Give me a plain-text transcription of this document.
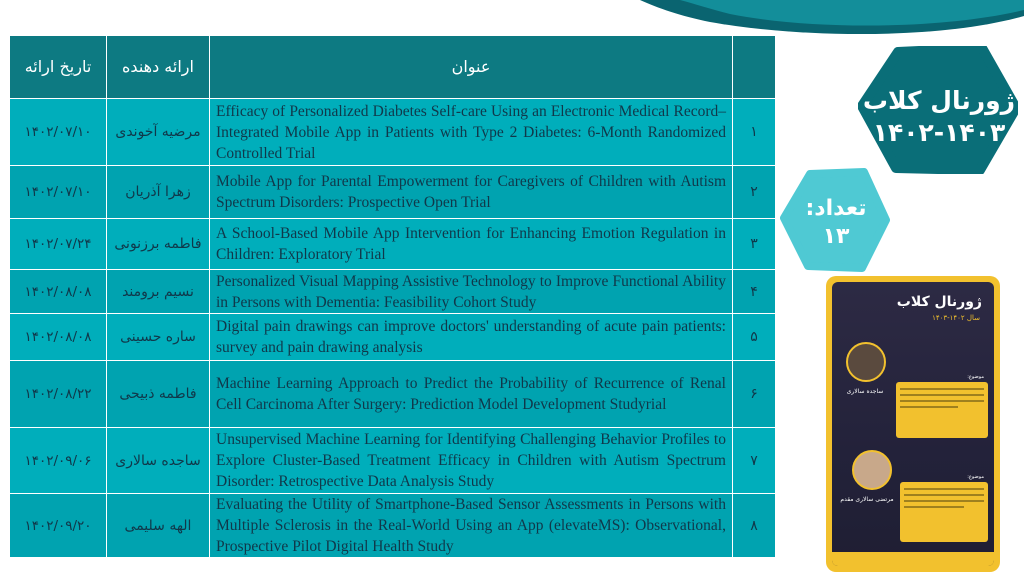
تاریخ ارائه	ارائه دهنده	عنوان	
۱۴۰۲/۰۷/۱۰	مرضیه آخوندی	Efficacy of Personalized Diabetes Self-care Using an Electronic Medical Record–Integrated Mobile App in Patients with Type 2 Diabetes: 6-Month Randomized Controlled Trial	۱
۱۴۰۲/۰۷/۱۰	زهرا آذریان	Mobile App for Parental Empowerment for Caregivers of Children with Autism Spectrum Disorders: Prospective Open Trial	۲
۱۴۰۲/۰۷/۲۴	فاطمه برزنونی	A School-Based Mobile App Intervention for Enhancing Emotion Regulation in Children: Exploratory Trial	۳
۱۴۰۲/۰۸/۰۸	نسیم برومند	Personalized Visual Mapping Assistive Technology to Improve Functional Ability in Persons with Dementia: Feasibility Cohort Study	۴
۱۴۰۲/۰۸/۰۸	ساره حسینی	Digital pain drawings can improve doctors' understanding of acute pain patients: survey and pain drawing analysis	۵
۱۴۰۲/۰۸/۲۲	فاطمه ذبیحی	Machine Learning Approach to Predict the Probability of Recurrence of Renal Cell Carcinoma After Surgery: Prediction Model Development Studyrial	۶
۱۴۰۲/۰۹/۰۶	ساجده سالاری	Unsupervised Machine Learning for Identifying Challenging Behavior Profiles to Explore Cluster-Based Treatment Efficacy in Children with Autism Spectrum Disorder: Retrospective Data Analysis Study	۷
۱۴۰۲/۰۹/۲۰	الهه سلیمی	Evaluating the Utility of Smartphone-Based Sensor Assessments in Persons with Multiple Sclerosis in the Real-World Using an App (elevateMS): Observational, Prospective Pilot Digital Health Study	۸
ژورنال کلاب
۱۴۰۲-۱۴۰۳
تعداد:
۱۳
ژورنال کلاب
سال ۱۴۰۲-۱۴۰۳
ساجده سالاری
موضوع:
مرتضی سالاری مقدم
موضوع:
